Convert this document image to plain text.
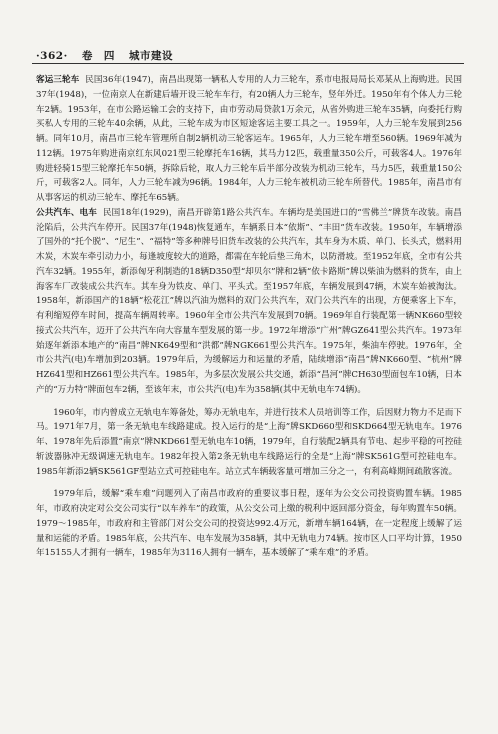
·362· 卷　四 城市建设

客运三轮车 民国36年(1947)，南昌出现第一辆私人专用的人力三轮车，系市电报局局长邓某从上海购进。民国37年(1948)，一位南京人在新建后墙开设三轮车车行，有20辆人力三轮车，竖年外迁。1950年有个体人力三轮车2辆。1953年，在市公路运输工会的支持下，由市劳动局贷款1万余元，从省外购进三轮车35辆，向委托行购买私人专用的三轮车40余辆，从此，三轮车成为市区短途客运主要工具之一。1959年，人力三轮车发展到256辆。同年10月，南昌市三轮车管理所自制2辆机动三轮客运车。1965年，人力三轮车增至560辆。1969年减为112辆。1975年购进南京红东风021型三轮摩托车16辆，其马力12匹，载重量350公斤，可载客4人。1976年购进轻骑15型三轮摩托车50辆，拆除后轮，取人力三轮车后半部分改装为机动三轮车，马力5匹，载重量150公斤，可载客2人。同年，人力三轮车减为96辆。1984年，人力三轮车被机动三轮车所替代。1985年，南昌市有从事客运的机动三轮车、摩托车65辆。

公共汽车、电车 民国18年(1929)，南昌开辟第1路公共汽车。车辆均是美国进口的“雪佛兰”牌货车改装。南昌沦陷后，公共汽车停开。民国37年(1948)恢复通车，车辆系日本“依斯”、“丰田”货车改装。1950年，车辆增添了国外的“托个脱”、“尼生”、“福特”等多种牌号旧货车改装的公共汽车，其车身为木质、单门、长头式，燃料用木炭，木炭车牵引动力小，每逢坡度较大的道路，都需在车轮后垫三角木，以防滑坡。至1952年底，全市有公共汽车32辆。1955年，新添匈牙利制造的18辆D350型“却贝尔”牌和2辆“依卡路斯”牌以柴油为燃料的货车，由上海客车厂改装成公共汽车。其车身为铁皮、单门、平头式。至1957年底，车辆发展到47辆，木炭车始被淘汰。1958年，新添国产的18辆“松花江”牌以汽油为燃料的双门公共汽车，双门公共汽车的出现，方便乘客上下车，有利缩短停车时间，提高车辆周转率。1960年全市公共汽车发展到70辆。1969年自行装配第一辆NK660型较接式公共汽车，迈开了公共汽车向大容量车型发展的第一步。1972年增添“广州”牌GZ641型公共汽车。1973年始逐年新添本地产的“南昌”牌NK649型和“洪都”牌NGK661型公共汽车。1975年，柴油车停驶。1976年，全市公共汽(电)车增加到203辆。1979年后，为缓解运力和运量的矛盾，陆续增添“南昌”牌NK660型、“杭州”牌HZ641型和HZ661型公共汽车。1985年，为多层次发展公共交通，新添“昌河”牌CH630型面包车10辆，日本产的“万力特”牌面包车2辆，至该年末，市公共汽(电)车为358辆(其中无轨电车74辆)。

1960年，市内曾成立无轨电车筹备处，筹办无轨电车，并进行技术人员培训等工作，后因财力物力不足而下马。1971年7月，第一条无轨电车线路建成。投入运行的是“上海”牌SKD660型和SKD664型无轨电车。1976年、1978年先后添置“南京”牌NKD661型无轨电车10辆，1979年，自行装配2辆具有节电、起步平稳的可控硅斩波器脉冲无级调速无轨电车。1982年投入第2条无轨电车线路运行的全是“上海”牌SK561G型可控硅电车。1985年新添2辆SK561GF型站立式可控硅电车。站立式车辆载客量可增加三分之一，有利高峰期间疏散客流。

1979年后，缓解“乘车难”问题列入了南昌市政府的重要议事日程，逐年为公交公司投资购置车辆。1985年，市政府决定对公交公司实行“以车养车”的政策，从公交公司上缴的税利中返回部分资金，每年购置车50辆。1979～1985年，市政府和主管部门对公交公司的投资达992.4万元，新增车辆164辆，在一定程度上缓解了运量和运能的矛盾。1985年底，公共汽车、电车发展为358辆，其中无轨电力74辆。按市区人口平均计算，1950年15155人才拥有一辆车，1985年为3116人拥有一辆车，基本缓解了“乘车难”的矛盾。
